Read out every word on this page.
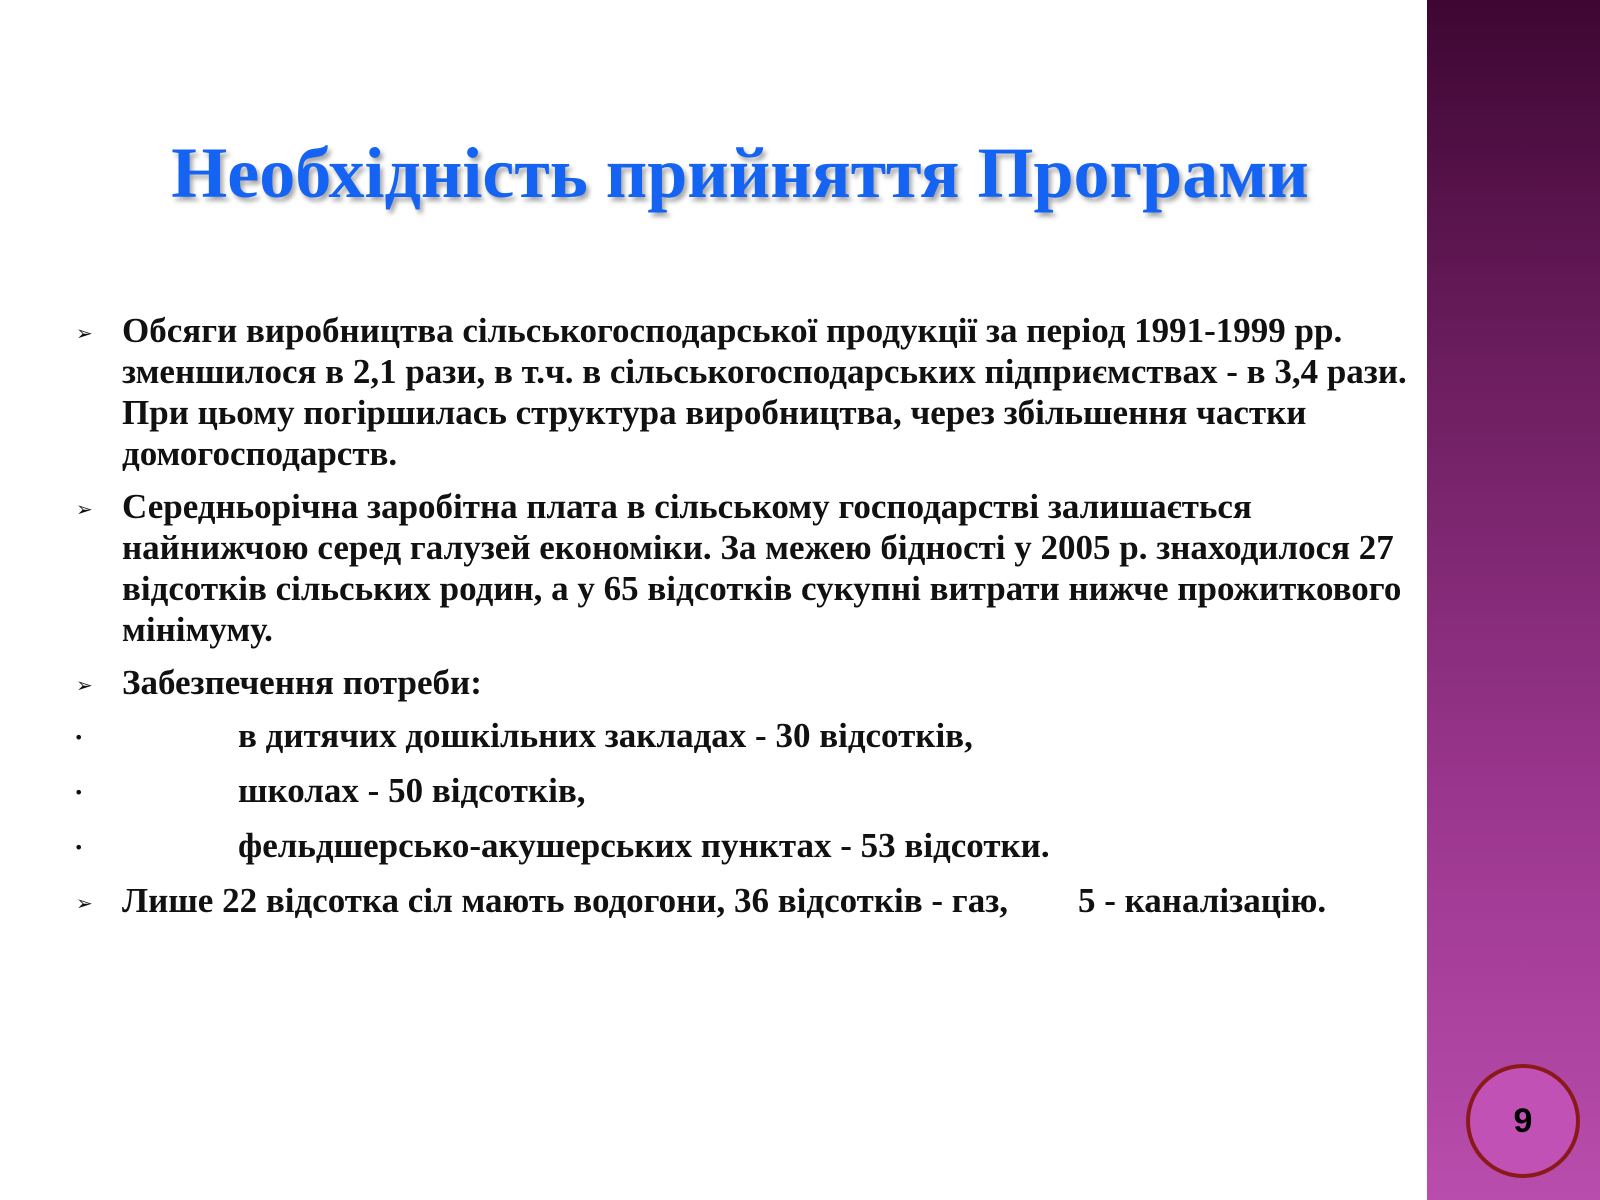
Необхідність прийняття Програми
➢ Обсяги виробництва сільськогосподарської продукції за період 1991-1999 рр. зменшилося в 2,1 рази, в т.ч. в сільськогосподарських підприємствах - в 3,4 рази. При цьому погіршилась структура виробництва, через збільшення частки домогосподарств.
➢ Середньорічна заробітна плата в сільському господарстві залишається найнижчою серед галузей економіки. За межею бідності у 2005 р. знаходилося 27 відсотків сільських родин, а у 65 відсотків сукупні витрати нижче прожиткового мінімуму.
➢ Забезпечення потреби:
•	в дитячих дошкільних закладах - 30 відсотків,
•	школах - 50 відсотків,
•	фельдшерсько-акушерських пунктах - 53 відсотки.
➢ Лише 22 відсотка сіл мають водогони, 36 відсотків - газ,        5 - каналізацію.
9
